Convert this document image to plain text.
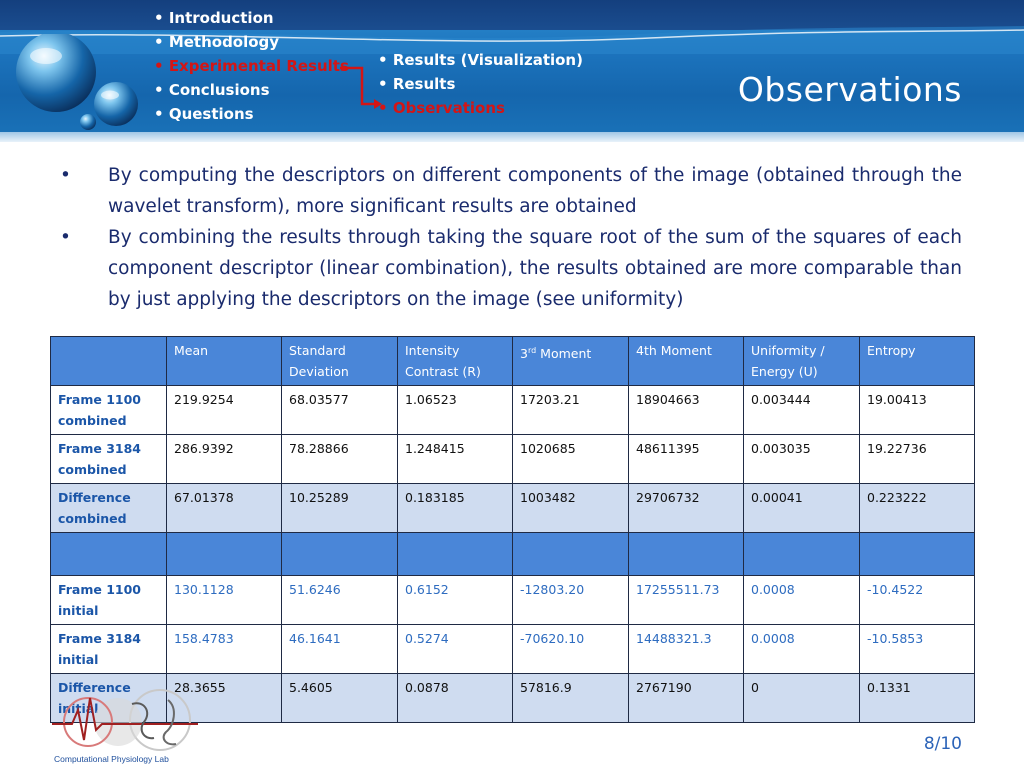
• Introduction
• Methodology
• Experimental Results
• Conclusions
• Questions
• Results (Visualization)
• Results
• Observations	Observations
• By computing the descriptors on different components of the image (obtained through the wavelet transform), more significant results are obtained
• By combining the results through taking the square root of the sum of the squares of each component descriptor (linear combination), the results obtained are more comparable than by just applying the descriptors on the image (see uniformity)
	Mean	Standard Deviation	Intensity Contrast (R)	3rd Moment	4th Moment	Uniformity / Energy (U)	Entropy
Frame 1100 combined	219.9254	68.03577	1.06523	17203.21	18904663	0.003444	19.00413
Frame 3184 combined	286.9392	78.28866	1.248415	1020685	48611395	0.003035	19.22736
Difference combined	67.01378	10.25289	0.183185	1003482	29706732	0.00041	0.223222

Frame 1100 initial	130.1128	51.6246	0.6152	-12803.20	17255511.73	0.0008	-10.4522
Frame 3184 initial	158.4783	46.1641	0.5274	-70620.10	14488321.3	0.0008	-10.5853
Difference initial	28.3655	5.4605	0.0878	57816.9	2767190	0	0.1331
Computational Physiology Lab
8/10
